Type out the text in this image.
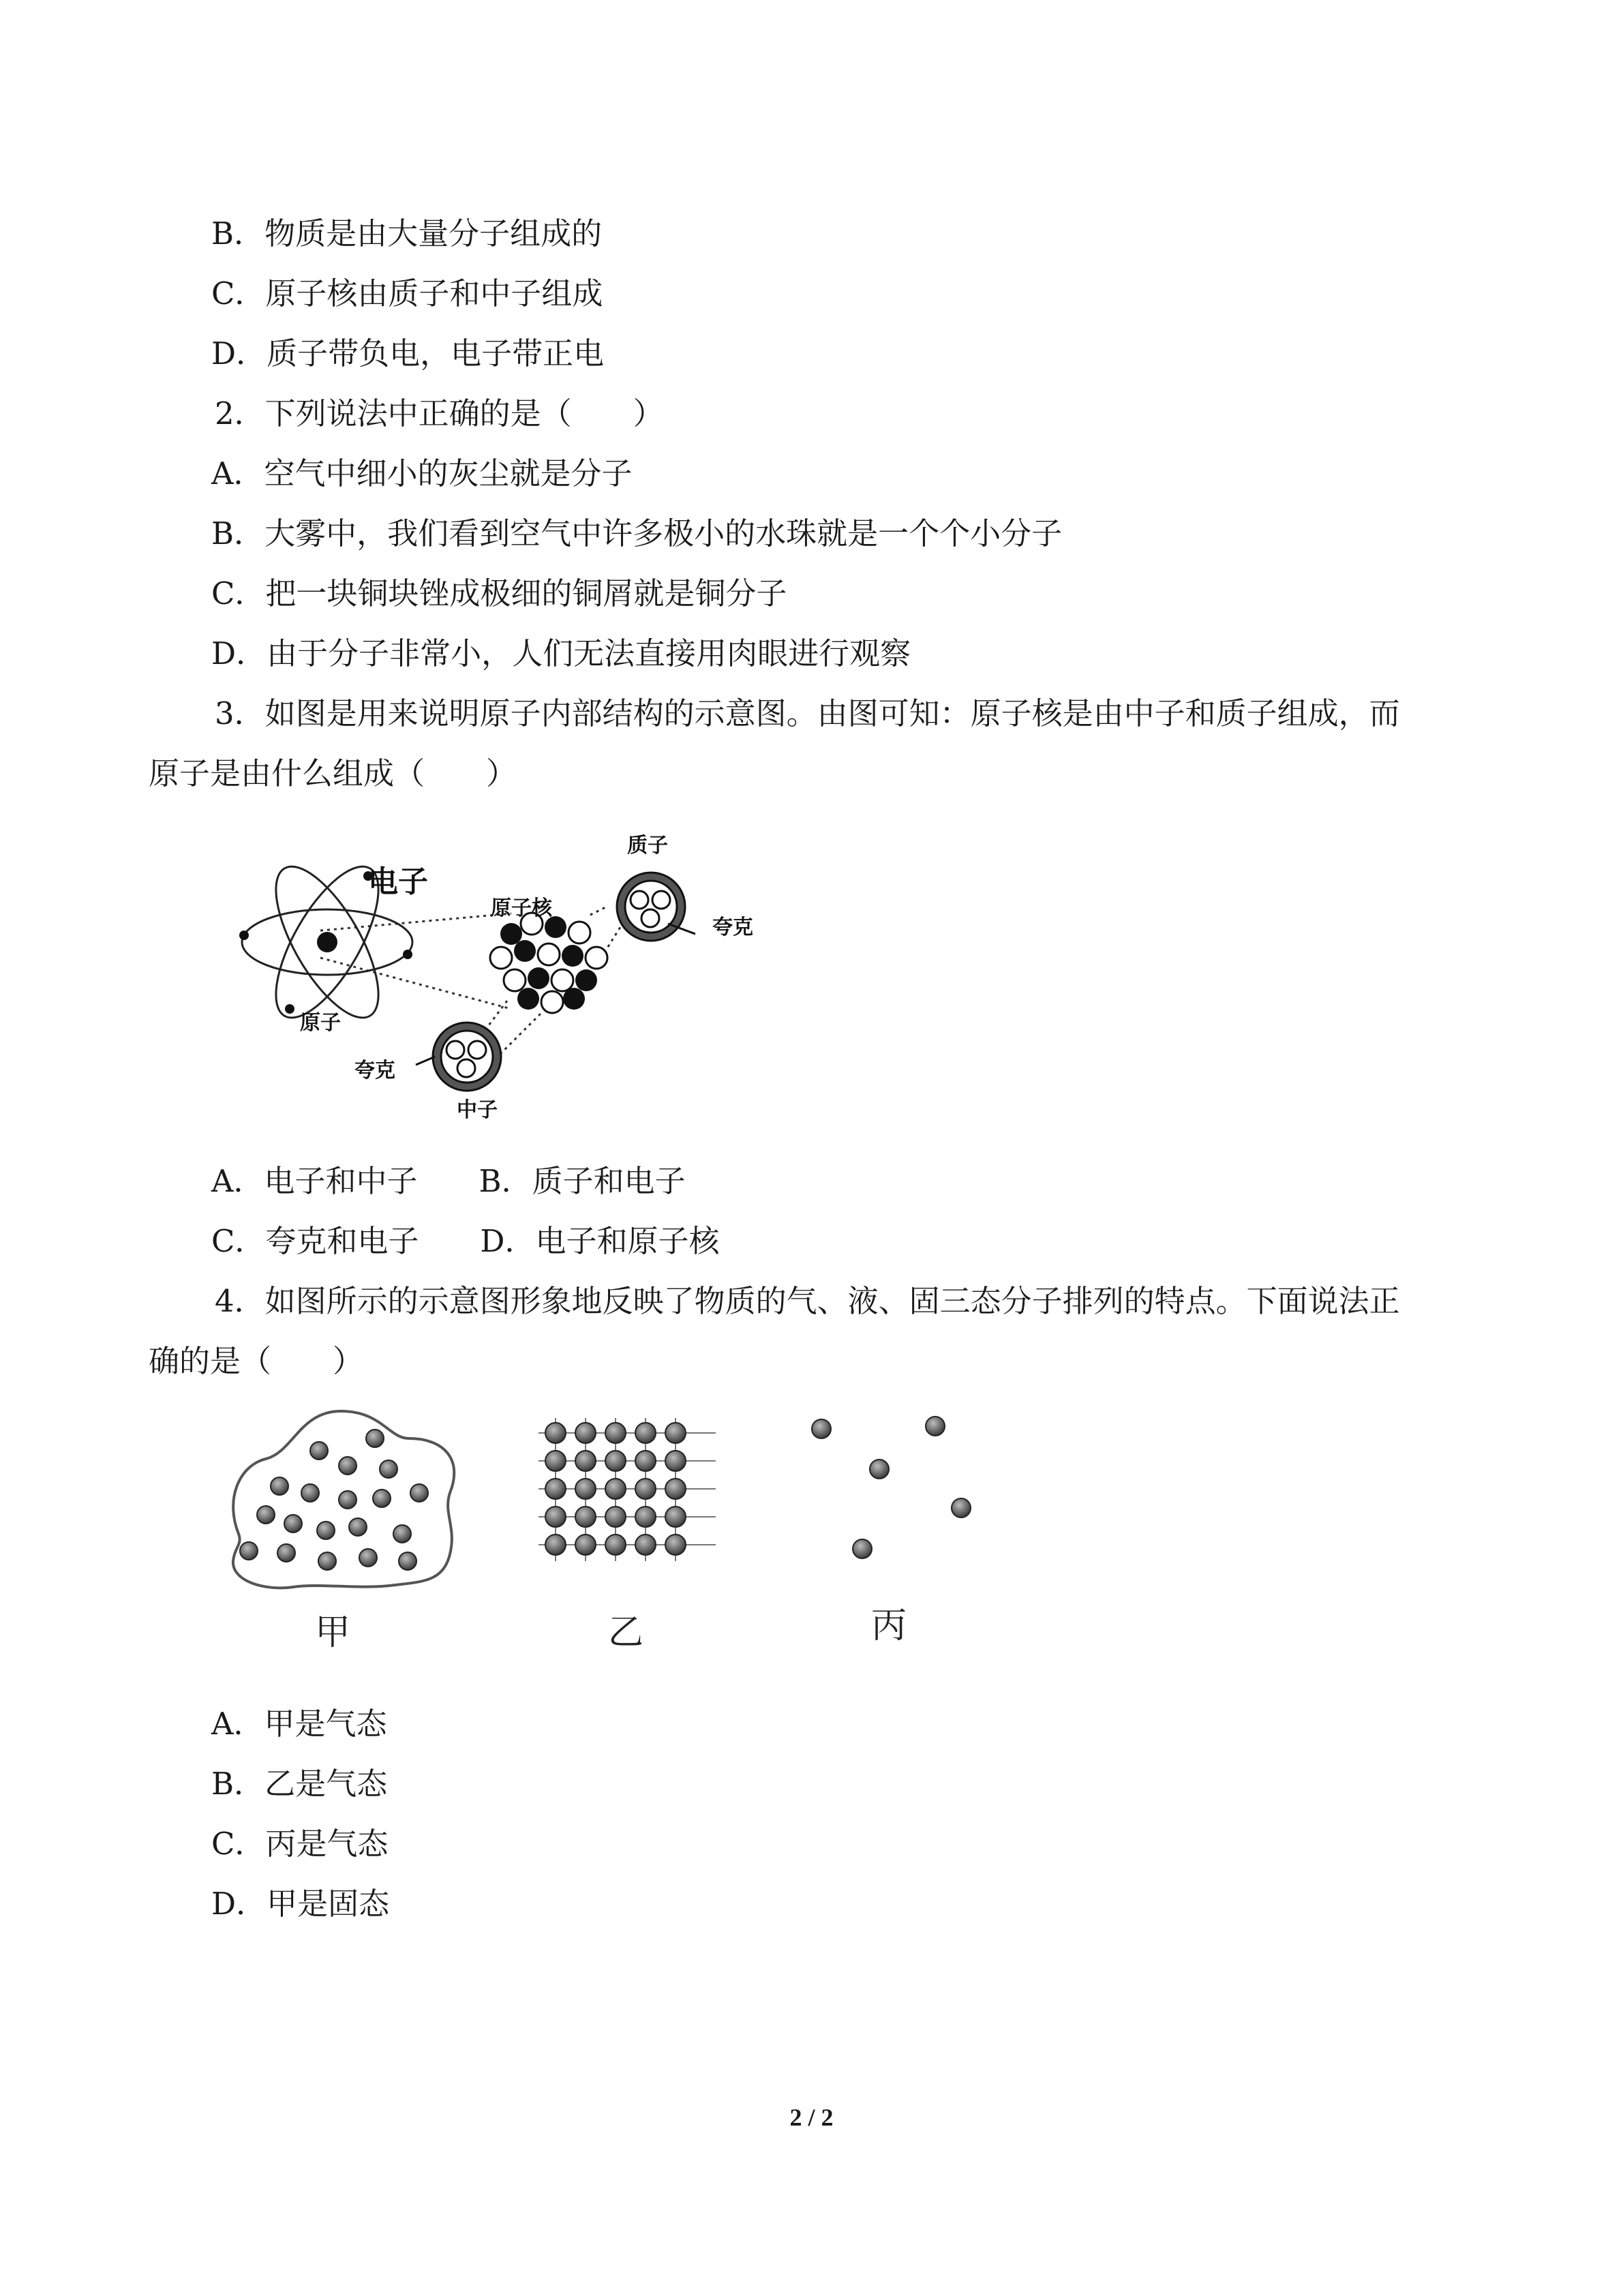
B．物质是由大量分子组成的
C．原子核由质子和中子组成
D．质子带负电，电子带正电
2．下列说法中正确的是（　　）
A．空气中细小的灰尘就是分子
B．大雾中，我们看到空气中许多极小的水珠就是一个个小分子
C．把一块铜块锉成极细的铜屑就是铜分子
D．由于分子非常小，人们无法直接用肉眼进行观察
3．如图是用来说明原子内部结构的示意图。由图可知：原子核是由中子和质子组成，而
原子是由什么组成（　　）
电子
原子
原子核
质子
夸克
夸克
中子
A．电子和中子　　B．质子和电子
C．夸克和电子　　D．电子和原子核
4．如图所示的示意图形象地反映了物质的气、液、固三态分子排列的特点。下面说法正
确的是（　　）
甲	乙	丙
A．甲是气态
B．乙是气态
C．丙是气态
D．甲是固态
2 / 2
